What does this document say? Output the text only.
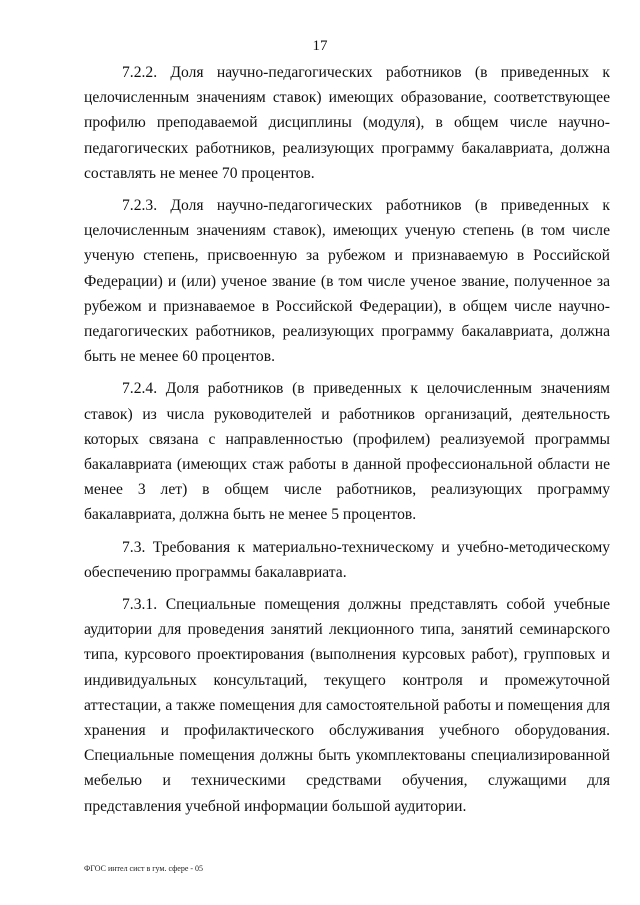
17

7.2.2. Доля научно-педагогических работников (в приведенных к целочисленным значениям ставок) имеющих образование, соответствующее профилю преподаваемой дисциплины (модуля), в общем числе научно-педагогических работников, реализующих программу бакалавриата, должна составлять не менее 70 процентов.

7.2.3. Доля научно-педагогических работников (в приведенных к целочисленным значениям ставок), имеющих ученую степень (в том числе ученую степень, присвоенную за рубежом и признаваемую в Российской Федерации) и (или) ученое звание (в том числе ученое звание, полученное за рубежом и признаваемое в Российской Федерации), в общем числе научно-педагогических работников, реализующих программу бакалавриата, должна быть не менее 60 процентов.

7.2.4. Доля работников (в приведенных к целочисленным значениям ставок) из числа руководителей и работников организаций, деятельность которых связана с направленностью (профилем) реализуемой программы бакалавриата (имеющих стаж работы в данной профессиональной области не менее 3 лет) в общем числе работников, реализующих программу бакалавриата, должна быть не менее 5 процентов.

7.3. Требования к материально-техническому и учебно-методическому обеспечению программы бакалавриата.

7.3.1. Специальные помещения должны представлять собой учебные аудитории для проведения занятий лекционного типа, занятий семинарского типа, курсового проектирования (выполнения курсовых работ), групповых и индивидуальных консультаций, текущего контроля и промежуточной аттестации, а также помещения для самостоятельной работы и помещения для хранения и профилактического обслуживания учебного оборудования. Специальные помещения должны быть укомплектованы специализированной мебелью и техническими средствами обучения, служащими для представления учебной информации большой аудитории.

ФГОС интел сист в гум. сфере - 05
